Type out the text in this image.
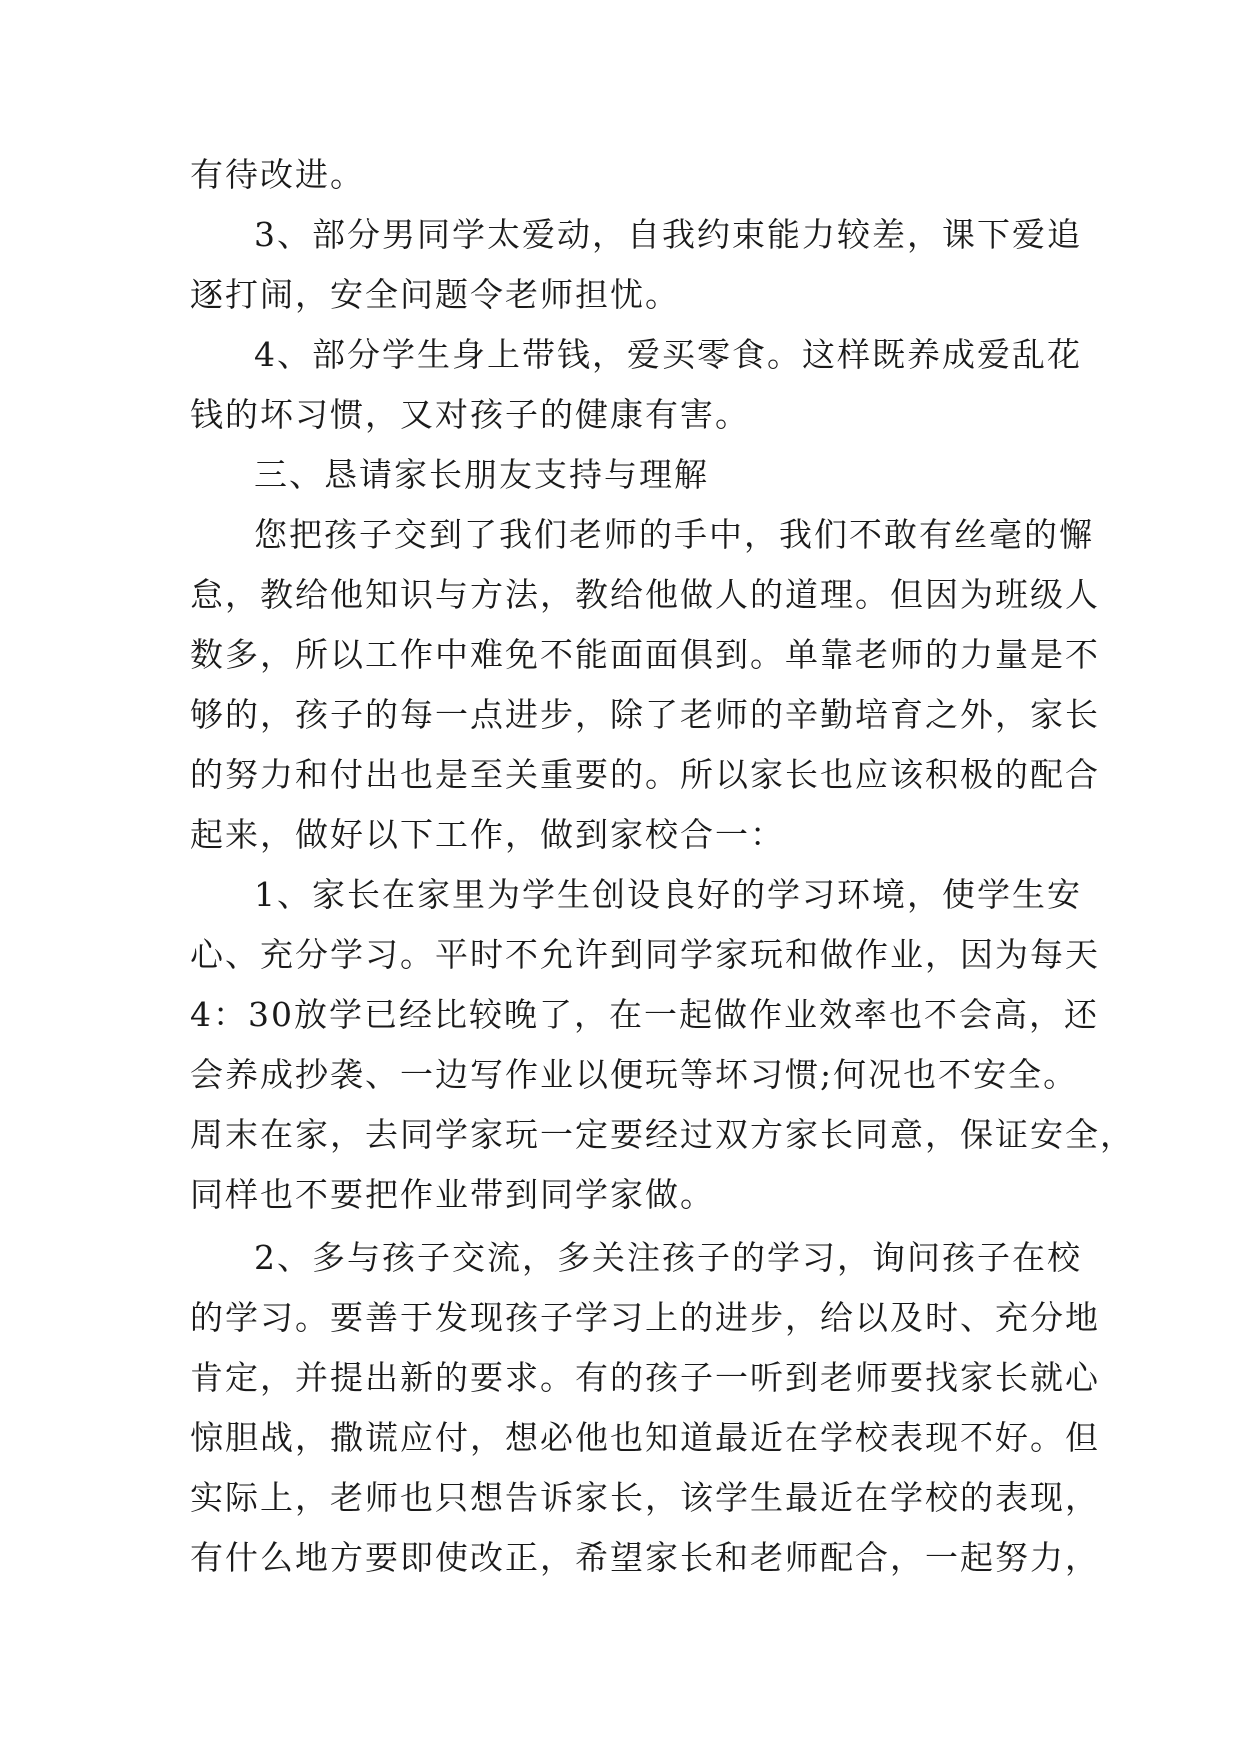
有待改进。
3、部分男同学太爱动，自我约束能力较差，课下爱追
逐打闹，安全问题令老师担忧。
4、部分学生身上带钱，爱买零食。这样既养成爱乱花
钱的坏习惯，又对孩子的健康有害。
三、恳请家长朋友支持与理解
您把孩子交到了我们老师的手中，我们不敢有丝毫的懈
怠，教给他知识与方法，教给他做人的道理。但因为班级人
数多，所以工作中难免不能面面俱到。单靠老师的力量是不
够的，孩子的每一点进步，除了老师的辛勤培育之外，家长
的努力和付出也是至关重要的。所以家长也应该积极的配合
起来，做好以下工作，做到家校合一：
1、家长在家里为学生创设良好的学习环境，使学生安
心、充分学习。平时不允许到同学家玩和做作业，因为每天
4：30放学已经比较晚了，在一起做作业效率也不会高，还
会养成抄袭、一边写作业以便玩等坏习惯;何况也不安全。
周末在家，去同学家玩一定要经过双方家长同意，保证安全，
同样也不要把作业带到同学家做。
2、多与孩子交流，多关注孩子的学习，询问孩子在校
的学习。要善于发现孩子学习上的进步，给以及时、充分地
肯定，并提出新的要求。有的孩子一听到老师要找家长就心
惊胆战，撒谎应付，想必他也知道最近在学校表现不好。但
实际上，老师也只想告诉家长，该学生最近在学校的表现，
有什么地方要即使改正，希望家长和老师配合，一起努力，
